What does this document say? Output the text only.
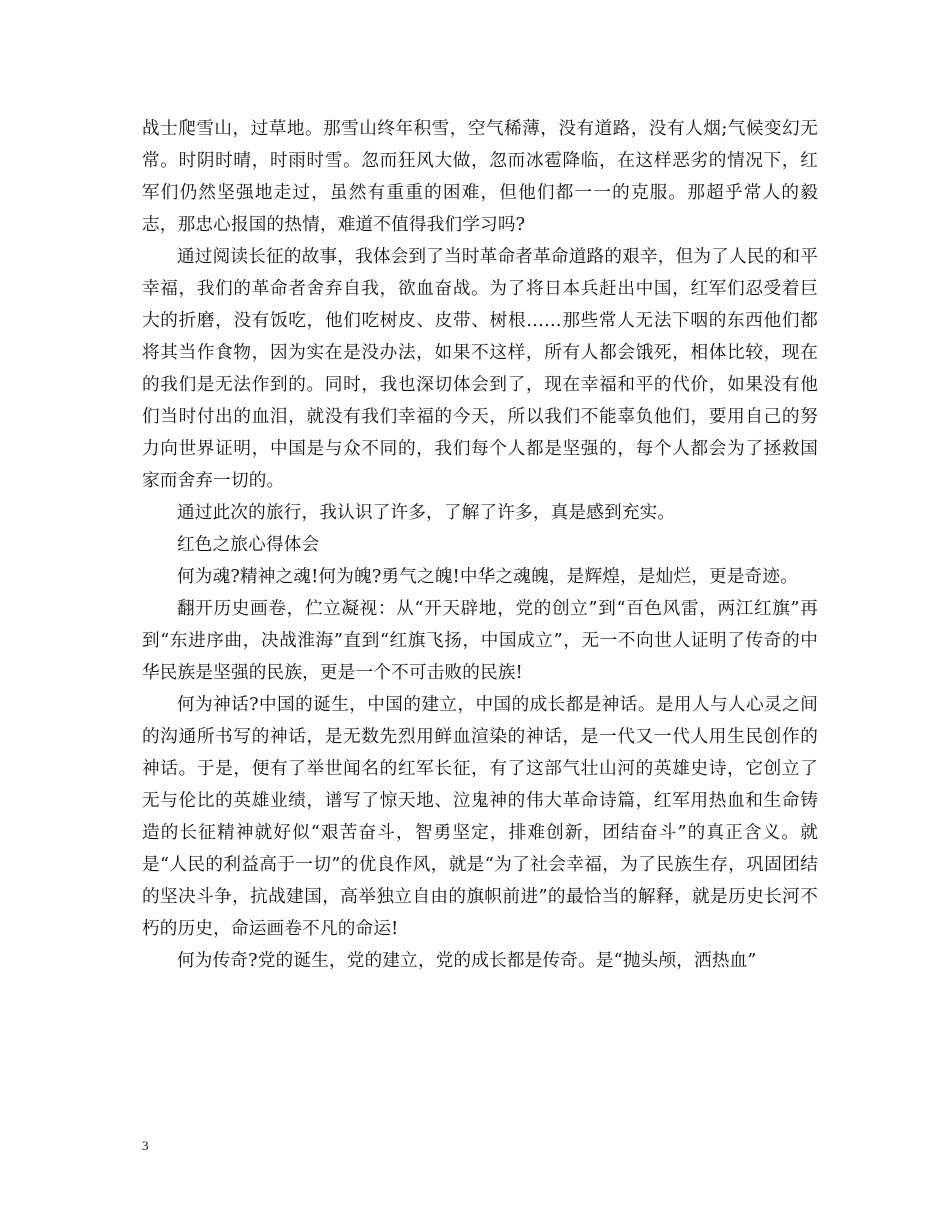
战士爬雪山，过草地。那雪山终年积雪，空气稀薄，没有道路，没有人烟;气候变幻无常。时阴时晴，时雨时雪。忽而狂风大做，忽而冰雹降临，在这样恶劣的情况下，红军们仍然坚强地走过，虽然有重重的困难，但他们都一一的克服。那超乎常人的毅志，那忠心报国的热情，难道不值得我们学习吗?

通过阅读长征的故事，我体会到了当时革命者革命道路的艰辛，但为了人民的和平幸福，我们的革命者舍弃自我，欲血奋战。为了将日本兵赶出中国，红军们忍受着巨大的折磨，没有饭吃，他们吃树皮、皮带、树根……那些常人无法下咽的东西他们都将其当作食物，因为实在是没办法，如果不这样，所有人都会饿死，相体比较，现在的我们是无法作到的。同时，我也深切体会到了，现在幸福和平的代价，如果没有他们当时付出的血泪，就没有我们幸福的今天，所以我们不能辜负他们，要用自己的努力向世界证明，中国是与众不同的，我们每个人都是坚强的，每个人都会为了拯救国家而舍弃一切的。

通过此次的旅行，我认识了许多，了解了许多，真是感到充实。

红色之旅心得体会

何为魂?精神之魂!何为魄?勇气之魄!中华之魂魄，是辉煌，是灿烂，更是奇迹。

翻开历史画卷，伫立凝视：从“开天辟地，党的创立”到“百色风雷，两江红旗”再到“东进序曲，决战淮海”直到“红旗飞扬，中国成立”，无一不向世人证明了传奇的中华民族是坚强的民族，更是一个不可击败的民族!

何为神话?中国的诞生，中国的建立，中国的成长都是神话。是用人与人心灵之间的沟通所书写的神话，是无数先烈用鲜血渲染的神话，是一代又一代人用生民创作的神话。于是，便有了举世闻名的红军长征，有了这部气壮山河的英雄史诗，它创立了无与伦比的英雄业绩，谱写了惊天地、泣鬼神的伟大革命诗篇，红军用热血和生命铸造的长征精神就好似“艰苦奋斗，智勇坚定，排难创新，团结奋斗”的真正含义。就是“人民的利益高于一切”的优良作风，就是“为了社会幸福，为了民族生存，巩固团结的坚决斗争，抗战建国，高举独立自由的旗帜前进”的最恰当的解释，就是历史长河不朽的历史，命运画卷不凡的命运!

何为传奇?党的诞生，党的建立，党的成长都是传奇。是“抛头颅，洒热血”

3
